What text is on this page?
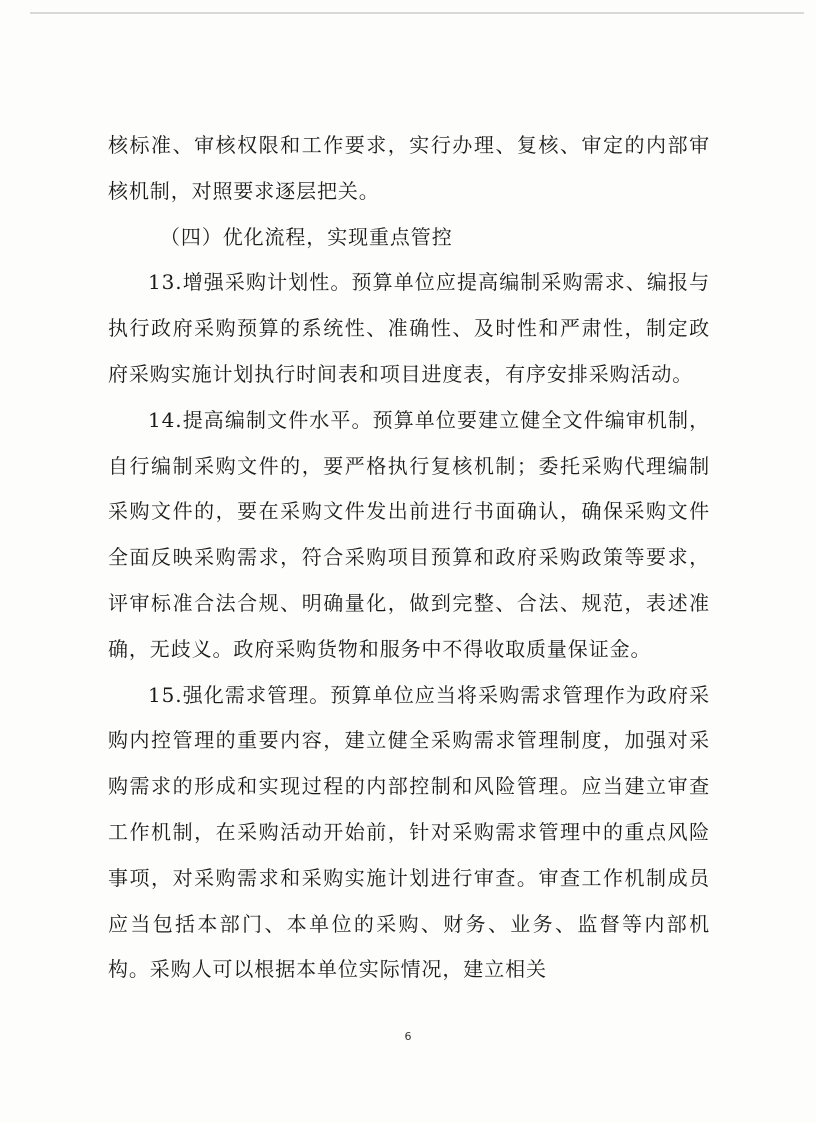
核标准、审核权限和工作要求，实行办理、复核、审定的内部审核机制，对照要求逐层把关。

（四）优化流程，实现重点管控

13.增强采购计划性。预算单位应提高编制采购需求、编报与执行政府采购预算的系统性、准确性、及时性和严肃性，制定政府采购实施计划执行时间表和项目进度表，有序安排采购活动。

14.提高编制文件水平。预算单位要建立健全文件编审机制，自行编制采购文件的，要严格执行复核机制；委托采购代理编制采购文件的，要在采购文件发出前进行书面确认，确保采购文件全面反映采购需求，符合采购项目预算和政府采购政策等要求，评审标准合法合规、明确量化，做到完整、合法、规范，表述准确，无歧义。政府采购货物和服务中不得收取质量保证金。

15.强化需求管理。预算单位应当将采购需求管理作为政府采购内控管理的重要内容，建立健全采购需求管理制度，加强对采购需求的形成和实现过程的内部控制和风险管理。应当建立审查工作机制，在采购活动开始前，针对采购需求管理中的重点风险事项，对采购需求和采购实施计划进行审查。审查工作机制成员应当包括本部门、本单位的采购、财务、业务、监督等内部机构。采购人可以根据本单位实际情况，建立相关

6
